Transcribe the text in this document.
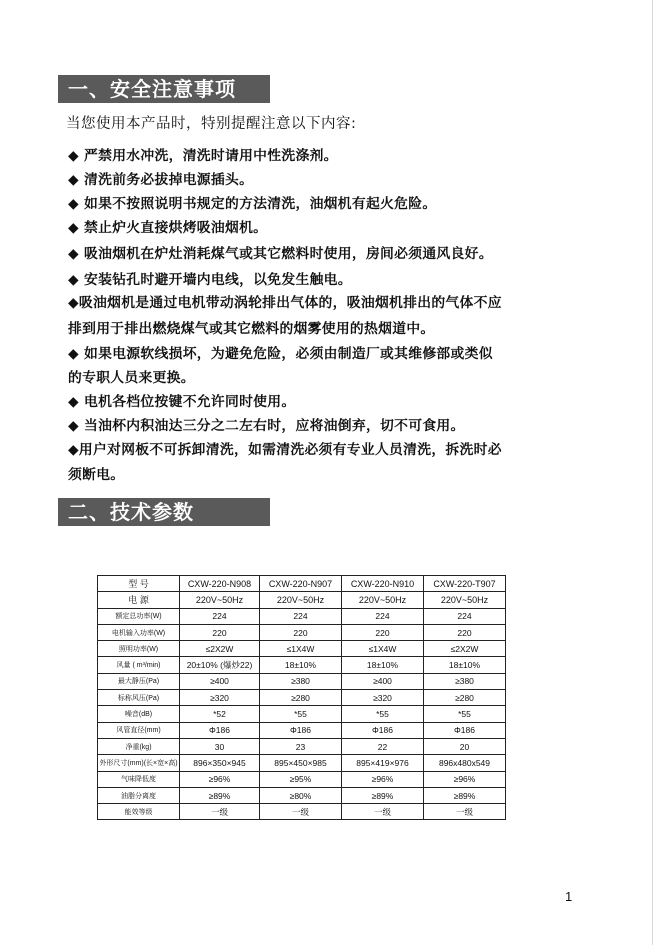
一、安全注意事项
当您使用本产品时，特别提醒注意以下内容:
◆ 严禁用水冲洗，清洗时请用中性洗涤剂。
◆ 清洗前务必拔掉电源插头。
◆ 如果不按照说明书规定的方法清洗，油烟机有起火危险。
◆ 禁止炉火直接烘烤吸油烟机。
◆ 吸油烟机在炉灶消耗煤气或其它燃料时使用，房间必须通风良好。
◆ 安装钻孔时避开墙内电线，以免发生触电。
◆吸油烟机是通过电机带动涡轮排出气体的，吸油烟机排出的气体不应
排到用于排出燃烧煤气或其它燃料的烟雾使用的热烟道中。
◆ 如果电源软线损坏，为避免危险，必须由制造厂或其维修部或类似
的专职人员来更换。
◆ 电机各档位按键不允许同时使用。
◆ 当油杯内积油达三分之二左右时，应将油倒弃，切不可食用。
◆用户对网板不可拆卸清洗，如需清洗必须有专业人员清洗，拆洗时必
须断电。
二、技术参数
型 号	CXW-220-N908	CXW-220-N907	CXW-220-N910	CXW-220-T907
电 源	220V~50Hz	220V~50Hz	220V~50Hz	220V~50Hz
额定总功率(W)	224	224	224	224
电机输入功率(W)	220	220	220	220
照明功率(W)	≤2X2W	≤1X4W	≤1X4W	≤2X2W
风量 ( m³/min)	20±10% (爆炒22)	18±10%	18±10%	18±10%
最大静压(Pa)	≥400	≥380	≥400	≥380
标称风压(Pa)	≥320	≥280	≥320	≥280
噪音(dB)	*52	*55	*55	*55
风管直径(mm)	Φ186	Φ186	Φ186	Φ186
净重(kg)	30	23	22	20
外形尺寸(mm)(长×宽×高)	896×350×945	895×450×985	895×419×976	896x480x549
气味降低度	≥96%	≥95%	≥96%	≥96%
油脂分离度	≥89%	≥80%	≥89%	≥89%
能效等级	一级	一级	一级	一级
1
